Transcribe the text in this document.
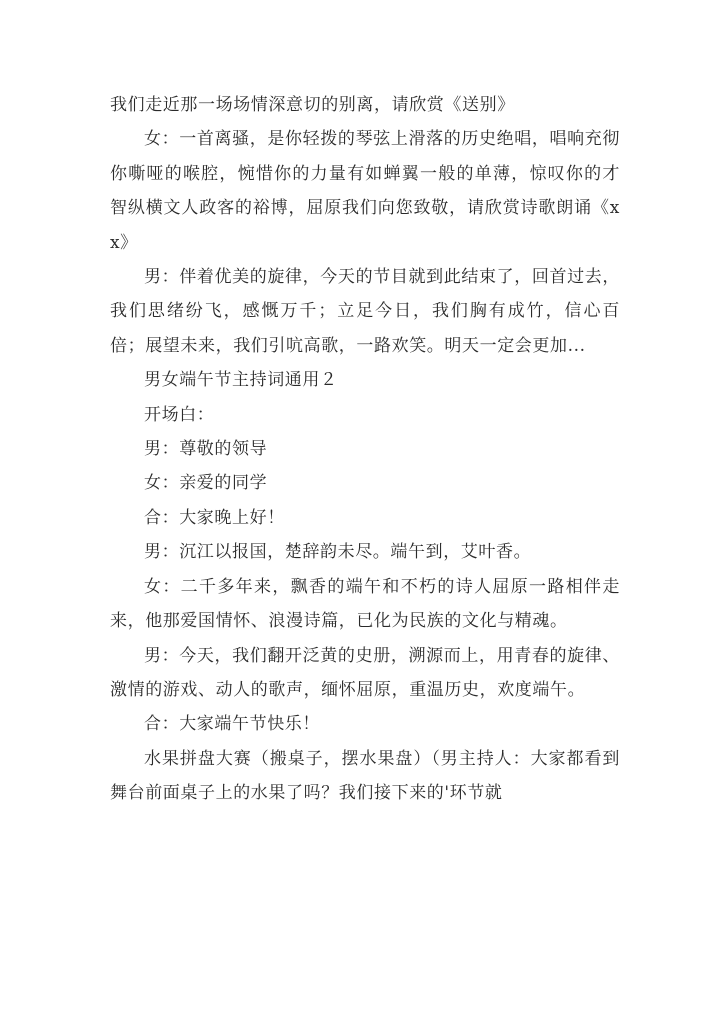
我们走近那一场场情深意切的别离，请欣赏《送别》

女：一首离骚，是你轻拨的琴弦上滑落的历史绝唱，唱响充彻你嘶哑的喉腔，惋惜你的力量有如蝉翼一般的单薄，惊叹你的才智纵横文人政客的裕博，屈原我们向您致敬，请欣赏诗歌朗诵《xx》

男：伴着优美的旋律，今天的节目就到此结束了，回首过去，我们思绪纷飞，感慨万千；立足今日，我们胸有成竹，信心百倍；展望未来，我们引吭高歌，一路欢笑。明天一定会更加...

男女端午节主持词通用２

开场白：

男：尊敬的领导

女：亲爱的同学

合：大家晚上好！

男：沉江以报国，楚辞韵未尽。端午到，艾叶香。

女：二千多年来，飘香的端午和不朽的诗人屈原一路相伴走来，他那爱国情怀、浪漫诗篇，已化为民族的文化与精魂。

男：今天，我们翻开泛黄的史册，溯源而上，用青春的旋律、激情的游戏、动人的歌声，缅怀屈原，重温历史，欢度端午。

合：大家端午节快乐！

水果拼盘大赛（搬桌子，摆水果盘）（男主持人：大家都看到舞台前面桌子上的水果了吗？我们接下来的'环节就
